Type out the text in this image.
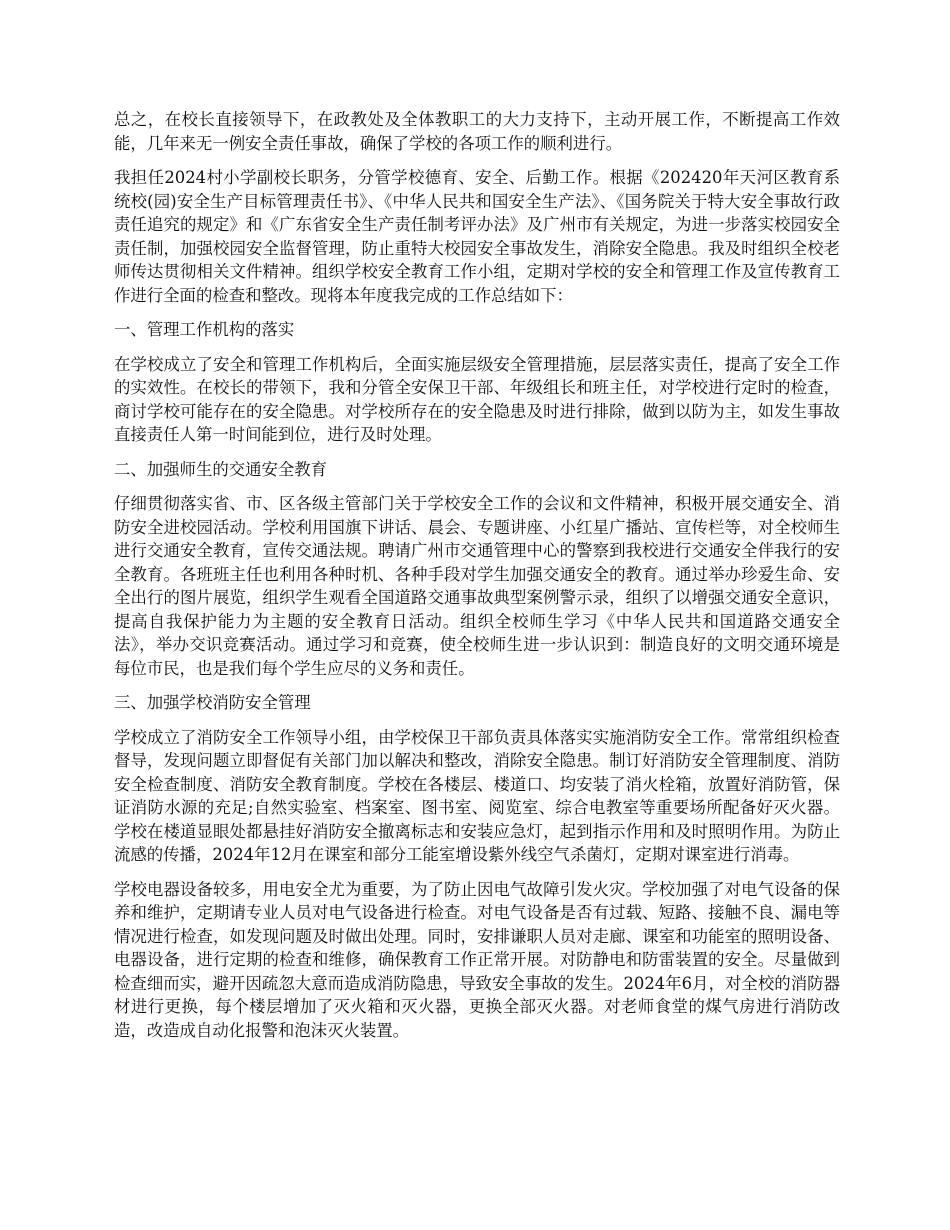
总之，在校长直接领导下，在政教处及全体教职工的大力支持下，主动开展工作，不断提高工作效能，几年来无一例安全责任事故，确保了学校的各项工作的顺利进行。

我担任2024村小学副校长职务，分管学校德育、安全、后勤工作。根据《202420年天河区教育系统校(园)安全生产目标管理责任书》、《中华人民共和国安全生产法》、《国务院关于特大安全事故行政责任追究的规定》和《广东省安全生产责任制考评办法》及广州市有关规定，为进一步落实校园安全责任制，加强校园安全监督管理，防止重特大校园安全事故发生，消除安全隐患。我及时组织全校老师传达贯彻相关文件精神。组织学校安全教育工作小组，定期对学校的安全和管理工作及宣传教育工作进行全面的检查和整改。现将本年度我完成的工作总结如下：

一、管理工作机构的落实

在学校成立了安全和管理工作机构后，全面实施层级安全管理措施，层层落实责任，提高了安全工作的实效性。在校长的带领下，我和分管全安保卫干部、年级组长和班主任，对学校进行定时的检查，商讨学校可能存在的安全隐患。对学校所存在的安全隐患及时进行排除，做到以防为主，如发生事故直接责任人第一时间能到位，进行及时处理。

二、加强师生的交通安全教育

仔细贯彻落实省、市、区各级主管部门关于学校安全工作的会议和文件精神，积极开展交通安全、消防安全进校园活动。学校利用国旗下讲话、晨会、专题讲座、小红星广播站、宣传栏等，对全校师生进行交通安全教育，宣传交通法规。聘请广州市交通管理中心的警察到我校进行交通安全伴我行的安全教育。各班班主任也利用各种时机、各种手段对学生加强交通安全的教育。通过举办珍爱生命、安全出行的图片展览，组织学生观看全国道路交通事故典型案例警示录，组织了以增强交通安全意识，提高自我保护能力为主题的安全教育日活动。组织全校师生学习《中华人民共和国道路交通安全法》，举办交识竞赛活动。通过学习和竞赛，使全校师生进一步认识到：制造良好的文明交通环境是每位市民，也是我们每个学生应尽的义务和责任。

三、加强学校消防安全管理

学校成立了消防安全工作领导小组，由学校保卫干部负责具体落实实施消防安全工作。常常组织检查督导，发现问题立即督促有关部门加以解决和整改，消除安全隐患。制订好消防安全管理制度、消防安全检查制度、消防安全教育制度。学校在各楼层、楼道口、均安装了消火栓箱，放置好消防管，保证消防水源的充足;自然实验室、档案室、图书室、阅览室、综合电教室等重要场所配备好灭火器。学校在楼道显眼处都悬挂好消防安全撤离标志和安装应急灯，起到指示作用和及时照明作用。为防止流感的传播，2024年12月在课室和部分工能室增设紫外线空气杀菌灯，定期对课室进行消毒。

学校电器设备较多，用电安全尤为重要，为了防止因电气故障引发火灾。学校加强了对电气设备的保养和维护，定期请专业人员对电气设备进行检查。对电气设备是否有过载、短路、接触不良、漏电等情况进行检查，如发现问题及时做出处理。同时，安排谦职人员对走廊、课室和功能室的照明设备、电器设备，进行定期的检查和维修，确保教育工作正常开展。对防静电和防雷装置的安全。尽量做到检查细而实，避开因疏忽大意而造成消防隐患，导致安全事故的发生。2024年6月，对全校的消防器材进行更换，每个楼层增加了灭火箱和灭火器，更换全部灭火器。对老师食堂的煤气房进行消防改造，改造成自动化报警和泡沫灭火装置。
